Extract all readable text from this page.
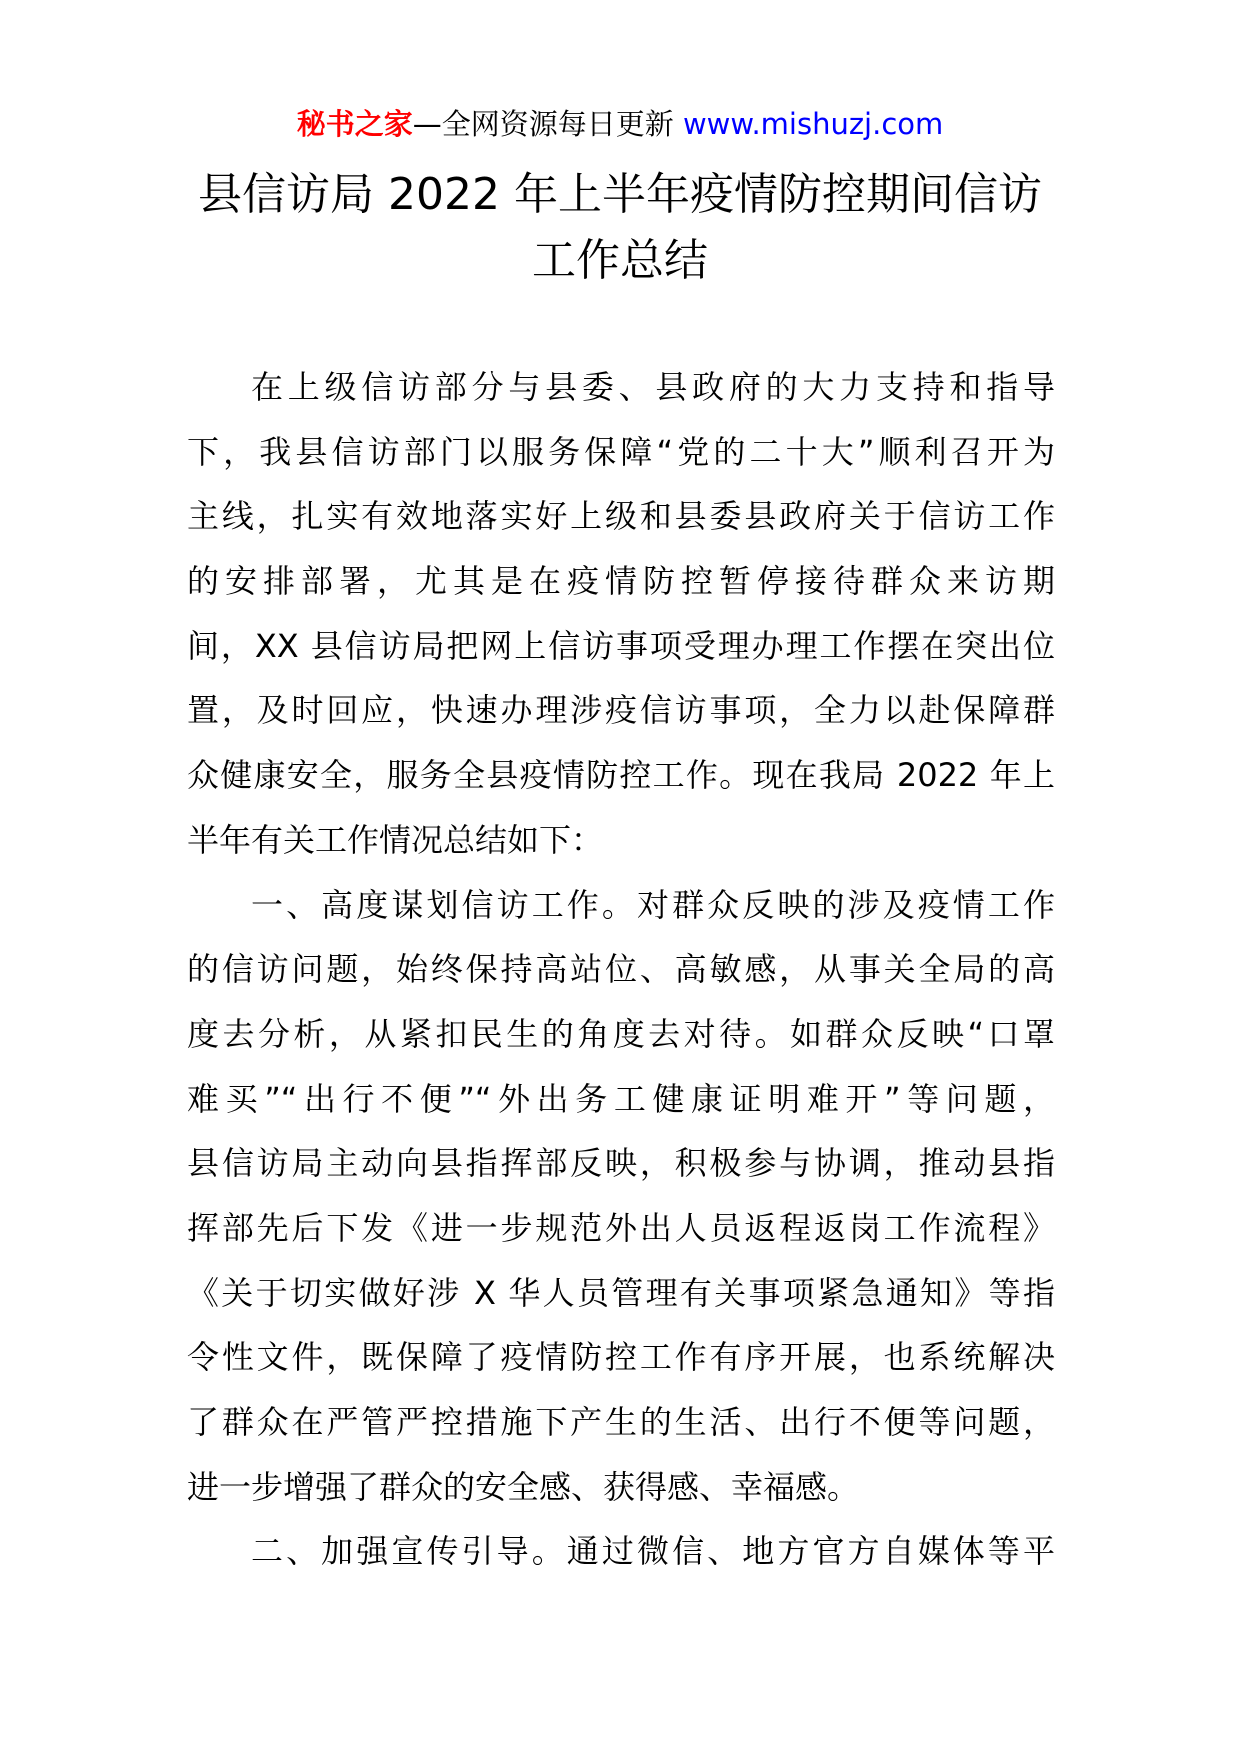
秘书之家—全网资源每日更新 www.mishuzj.com
县信访局 2022 年上半年疫情防控期间信访
工作总结
在上级信访部分与县委、县政府的大力支持和指导
下，我县信访部门以服务保障“党的二十大”顺利召开为
主线，扎实有效地落实好上级和县委县政府关于信访工作
的安排部署，尤其是在疫情防控暂停接待群众来访期
间，XX 县信访局把网上信访事项受理办理工作摆在突出位
置，及时回应，快速办理涉疫信访事项，全力以赴保障群
众健康安全，服务全县疫情防控工作。现在我局 2022 年上
半年有关工作情况总结如下：
一、高度谋划信访工作。对群众反映的涉及疫情工作
的信访问题，始终保持高站位、高敏感，从事关全局的高
度去分析，从紧扣民生的角度去对待。如群众反映“口罩
难买”“出行不便”“外出务工健康证明难开”等问题，
县信访局主动向县指挥部反映，积极参与协调，推动县指
挥部先后下发《进一步规范外出人员返程返岗工作流程》
《关于切实做好涉 X 华人员管理有关事项紧急通知》等指
令性文件，既保障了疫情防控工作有序开展，也系统解决
了群众在严管严控措施下产生的生活、出行不便等问题，
进一步增强了群众的安全感、获得感、幸福感。
二、加强宣传引导。通过微信、地方官方自媒体等平
